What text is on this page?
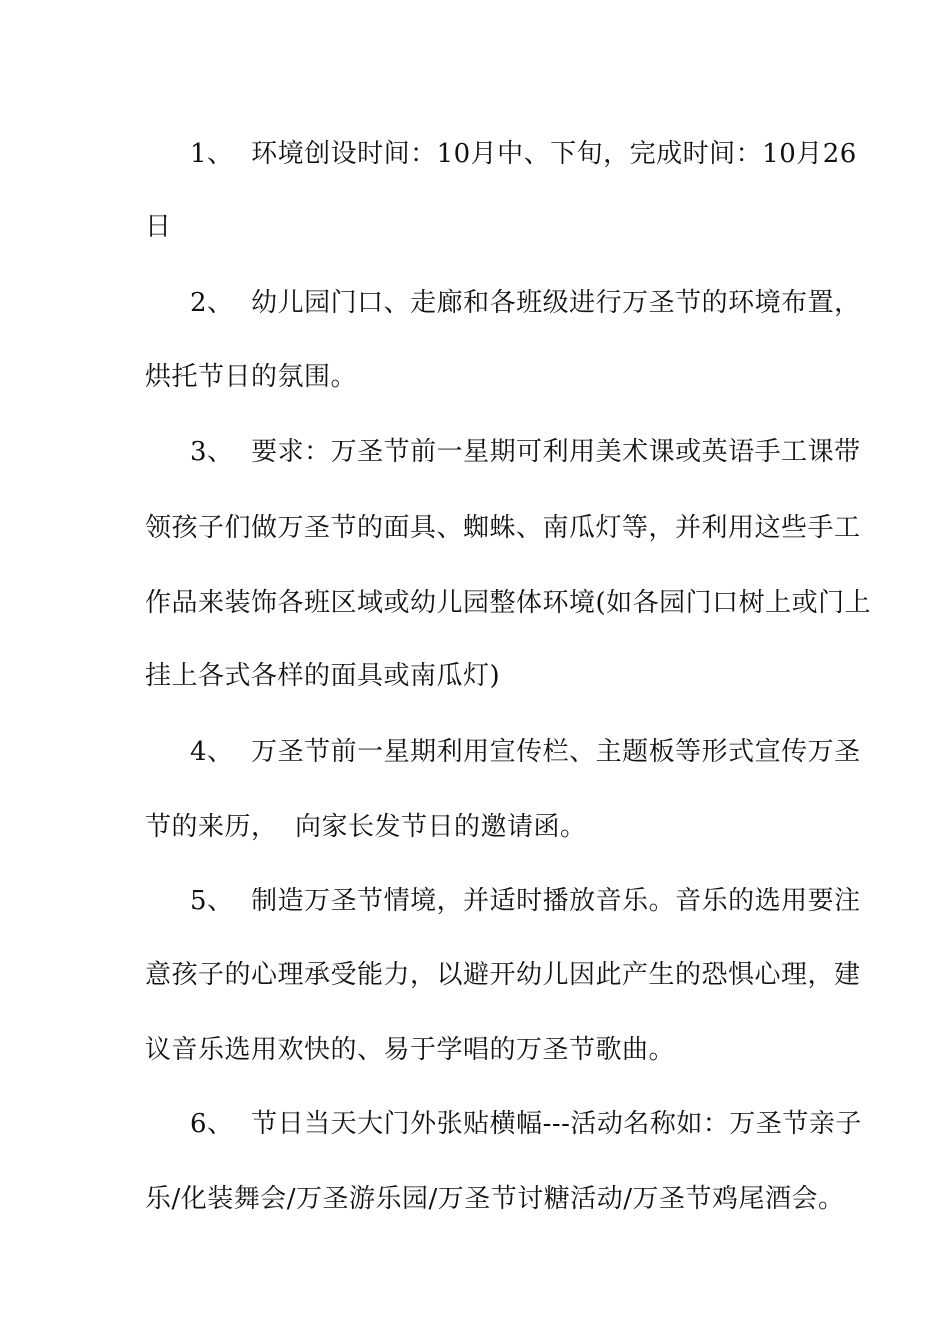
1、  环境创设时间：10月中、下旬，完成时间：10月26
日
2、  幼儿园门口、走廊和各班级进行万圣节的环境布置，
烘托节日的氛围。
3、  要求：万圣节前一星期可利用美术课或英语手工课带
领孩子们做万圣节的面具、蜘蛛、南瓜灯等，并利用这些手工
作品来装饰各班区域或幼儿园整体环境(如各园门口树上或门上
挂上各式各样的面具或南瓜灯)
4、  万圣节前一星期利用宣传栏、主题板等形式宣传万圣
节的来历，  向家长发节日的邀请函。
5、  制造万圣节情境，并适时播放音乐。音乐的选用要注
意孩子的心理承受能力，以避开幼儿因此产生的恐惧心理，建
议音乐选用欢快的、易于学唱的万圣节歌曲。
6、  节日当天大门外张贴横幅---活动名称如：万圣节亲子
乐/化装舞会/万圣游乐园/万圣节讨糖活动/万圣节鸡尾酒会。
